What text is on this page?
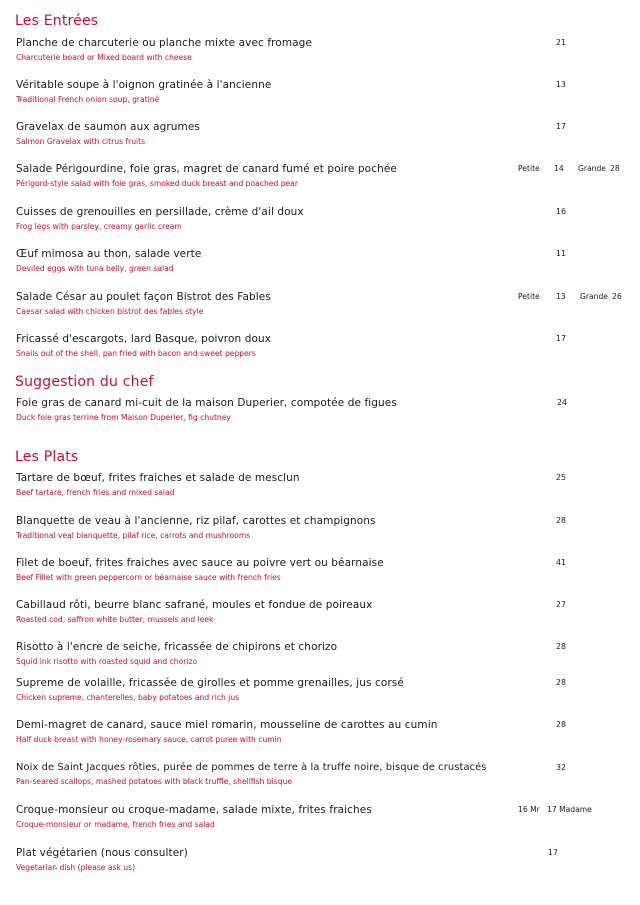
Les Entrées
Planche de charcuterie ou planche mixte avec fromage
Charcuterie board or Mixed board with cheese
21
Véritable soupe à l'oignon gratinée à l'ancienne
Traditional French onion soup, gratiné
13
Gravelax de saumon aux agrumes
Salmon Gravelax with citrus fruits
17
Salade Périgourdine, foie gras, magret de canard fumé et poire pochée
Périgord-style salad with foie gras, smoked duck breast and poached pear
Petite 14 Grande 28
Cuisses de grenouilles en persillade, crème d'ail doux
Frog legs with parsley, creamy garlic cream
16
Œuf mimosa au thon, salade verte
Deviled eggs with tuna belly, green salad
11
Salade César au poulet façon Bistrot des Fables
Caesar salad with chicken bistrot des fables style
Petite 13 Grande 26
Fricassé d'escargots, lard Basque, poivron doux
Snails out of the shell, pan fried with bacon and sweet peppers
17
Suggestion du chef
Foie gras de canard mi-cuit de la maison Duperier, compotée de figues
Duck foie gras terrine from Maison Duperier, fig chutney
24
Les Plats
Tartare de bœuf, frites fraiches et salade de mesclun
Beef tartare, french fries and mixed salad
25
Blanquette de veau à l'ancienne, riz pilaf, carottes et champignons
Traditional veal blanquette, pilaf rice, carrots and mushrooms
28
Filet de boeuf, frites fraiches avec sauce au poivre vert ou béarnaise
Beef Fillet with green peppercorn or béarnaise sauce with french fries
41
Cabillaud rôti, beurre blanc safrané, moules et fondue de poireaux
Roasted cod, saffron white butter, mussels and leek
27
Risotto à l'encre de seiche, fricassée de chipirons et chorizo
Squid ink risotto with roasted squid and chorizo
28
Supreme de volaille, fricassée de girolles et pomme grenailles, jus corsé
Chicken supreme, chanterelles, baby potatoes and rich jus
28
Demi-magret de canard, sauce miel romarin, mousseline de carottes au cumin
Half duck breast with honey-rosemary sauce, carrot puree with cumin
28
Noix de Saint Jacques rôties, purée de pommes de terre à la truffe noire, bisque de crustacés
Pan-seared scallops, mashed potatoes with black truffle, shellfish bisque
32
Croque-monsieur ou croque-madame, salade mixte, frites fraiches
Croque-monsieur or madame, french fries and salad
16 Mr   17 Madame
Plat végétarien (nous consulter)
Vegetarian dish (please ask us)
17
